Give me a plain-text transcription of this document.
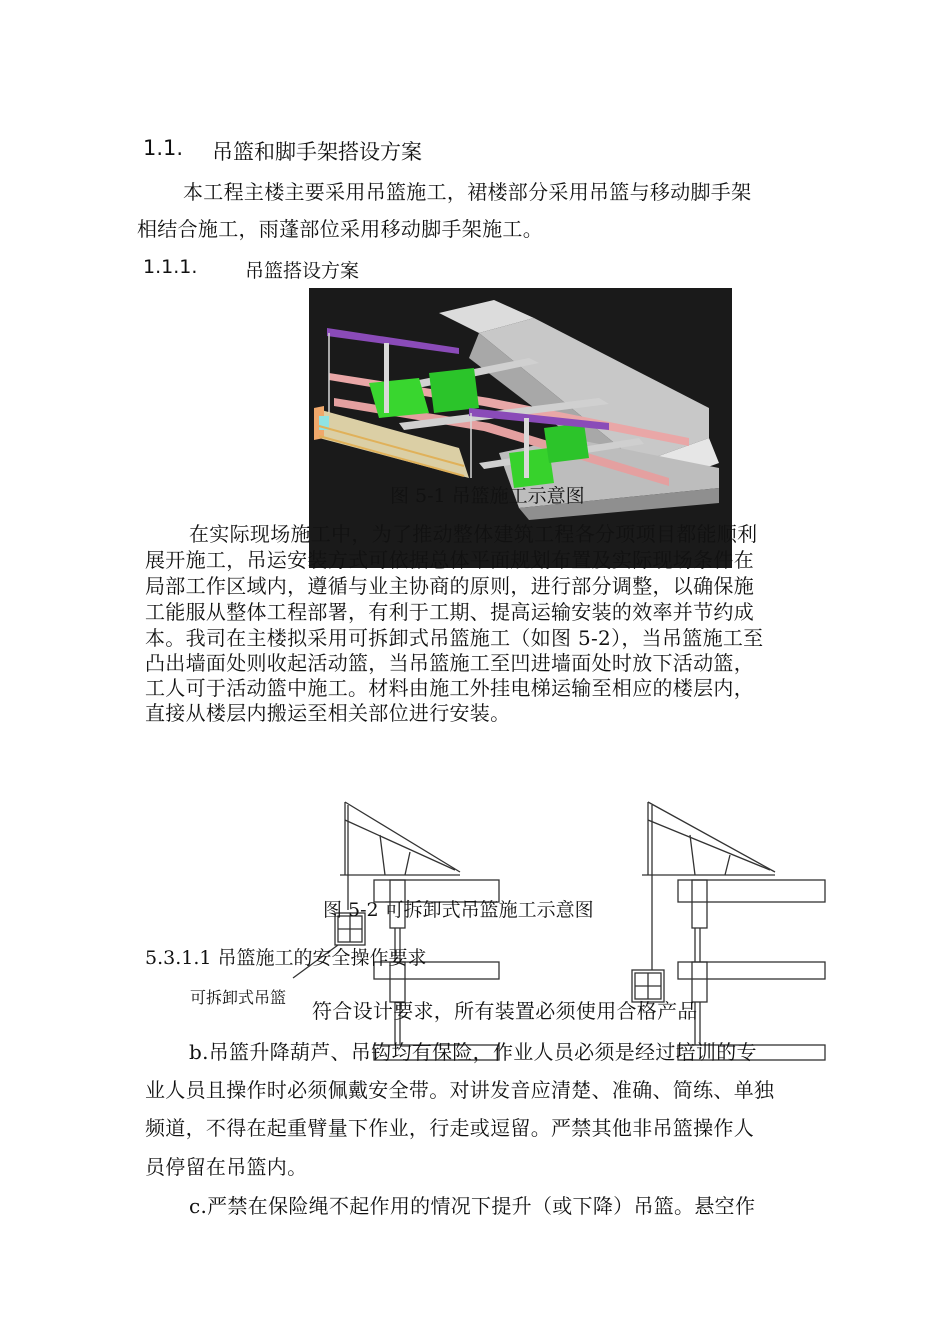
1.1. 吊篮和脚手架搭设方案
本工程主楼主要采用吊篮施工，裙楼部分采用吊篮与移动脚手架
相结合施工，雨蓬部位采用移动脚手架施工。
1.1.1.	吊篮搭设方案
图 5-1 吊篮施工示意图
在实际现场施工中，为了推动整体建筑工程各分项项目都能顺利
展开施工，吊运安装方式可依据总体平面规划布置及实际现场条件在
局部工作区域内，遵循与业主协商的原则，进行部分调整，以确保施
工能服从整体工程部署，有利于工期、提高运输安装的效率并节约成
本。我司在主楼拟采用可拆卸式吊篮施工（如图 5-2），当吊篮施工至
凸出墙面处则收起活动篮，当吊篮施工至凹进墙面处时放下活动篮，
工人可于活动篮中施工。材料由施工外挂电梯运输至相应的楼层内，
直接从楼层内搬运至相关部位进行安装。
图 5-2 可拆卸式吊篮施工示意图
可拆卸式吊篮
5.3.1.1 吊篮施工的安全操作要求
符合设计要求，所有装置必须使用合格产品
b.吊篮升降葫芦、吊钩均有保险，作业人员必须是经过培训的专
业人员且操作时必须佩戴安全带。对讲发音应清楚、准确、简练、单独
频道，不得在起重臂量下作业，行走或逗留。严禁其他非吊篮操作人
员停留在吊篮内。
c.严禁在保险绳不起作用的情况下提升（或下降）吊篮。悬空作
